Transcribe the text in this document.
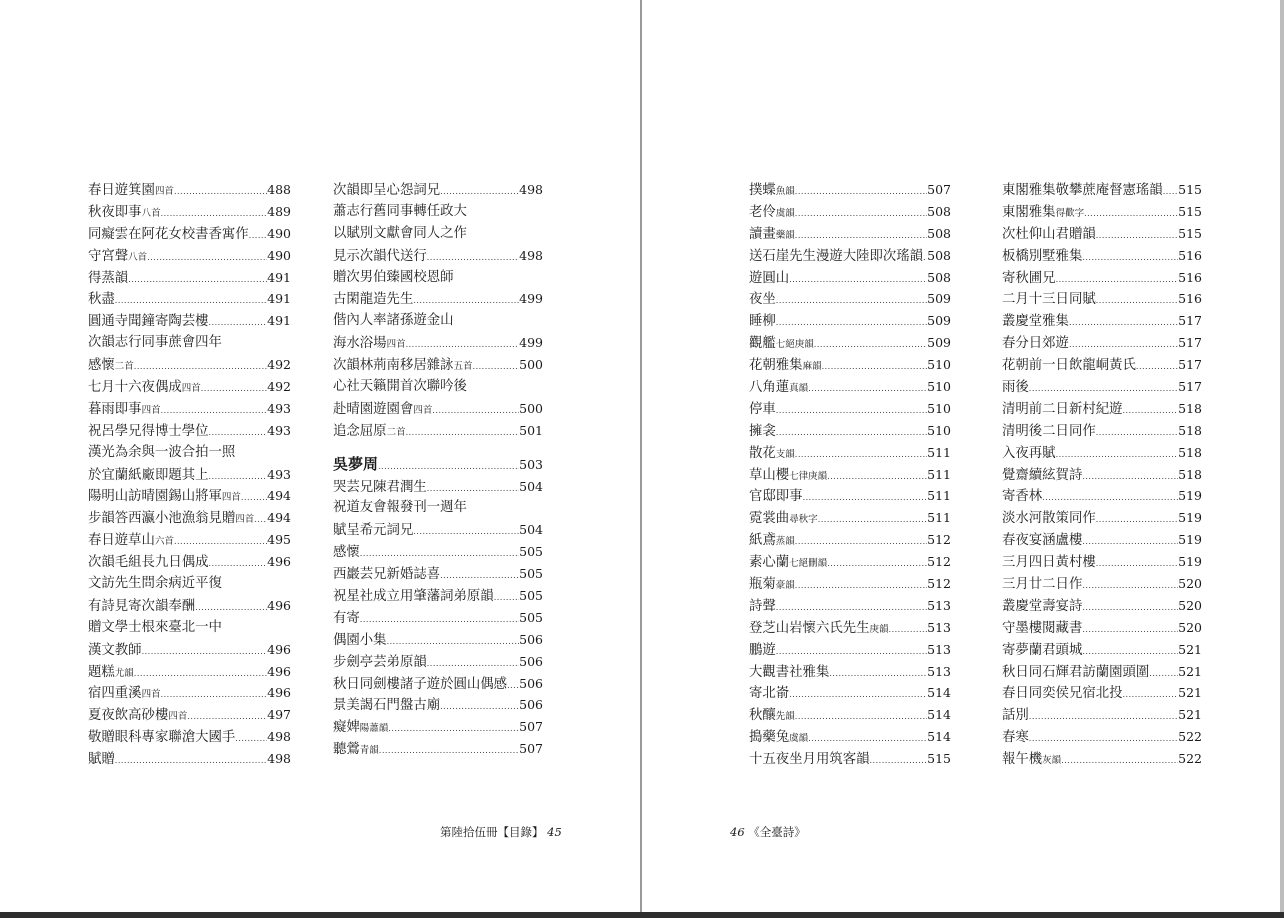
春日遊箕園 四首 .....	488
秋夜即事 八首 .....	489
同癡雲在阿花女校書香寓作 ..... 490
守宮聲 八首 .....	490
得蒸韻 .....	491
秋盡 .....	491
圓通寺聞鐘寄陶芸樓 .....	491
次韻志行同事蔗會四年
感懷 二首 .....	492
七月十六夜偶成 四首 .....	492
暮雨即事 四首 .....	493
祝呂學兄得博士學位 .....	493
漢光為余與一波合拍一照
於宜蘭紙廠即題其上 .....	493
陽明山訪晴園錫山將軍 四首 ..... 494
步韻答西瀛小池漁翁見贈 四首 ..... 494
春日遊草山 六首 .....	495
次韻毛組長九日偶成 .....	496
文訪先生問余病近平復
有詩見寄次韻奉酬 .....	496
贈文學士根來臺北一中
漢文教師 .....	496
題糕 尤韻 .....	496
宿四重溪 四首 .....	496
夏夜飲高砂樓 四首 .....	497
敬贈眼科專家聯滄大國手 .....	498
賦贈 .....	498
次韻即呈心怨詞兄 .....	498
蕭志行舊同事轉任政大
以賦別文獻會同人之作
見示次韻代送行 .....	498
贈次男伯臻國校恩師
古閑龍造先生 .....	499
偕內人率諸孫遊金山
海水浴場 四首 .....	499
次韻林荊南移居雜詠 五首 .....	500
心社天籟開首次聯吟後
赴晴園遊園會 四首 .....	500
追念屈原 二首 .....	501
吳夢周 .....	503
哭芸兄陳君潤生 .....	504
祝道友會報發刊一週年
賦呈希元詞兄 .....	504
感懷 .....	505
西巖芸兄新婚誌喜 .....	505
祝星社成立用肇藩詞弟原韻 ..... 505
有寄 .....	505
偶園小集 .....	506
步劍亭芸弟原韻 .....	506
秋日同劍樓諸子遊於圓山偶感 ..... 506
景美謁石門盤古廟 .....	506
癡婢 陽蕭韻 .....	507
聽鶯 青韻 .....	507
第陸拾伍冊【目錄】 45
撲蝶 魚韻 .....	507
老伶 虞韻 .....	508
讀畫 藥韻 .....	508
送石崖先生漫遊大陸即次瑤韻 ..... 508
遊圓山 .....	508
夜坐 .....	509
睡柳 .....	509
觀艦 七絕庚韻 .....	509
花朝雅集 麻韻 .....	510
八角蓮 真韻 .....	510
停車 .....	510
擁衾 .....	510
散花 支韻 .....	511
草山櫻 七律庚韻 .....	511
官邸即事 .....	511
霓裳曲 尋秋字 .....	511
紙鳶 蒸韻 .....	512
素心蘭 七絕刪韻 .....	512
瓶菊 豪韻 .....	512
詩聲 .....	513
登芝山岩懷六氏先生 庚韻 .....	513
鵬遊 .....	513
大觀書社雅集 .....	513
寄北嵛 .....	514
秋釀 先韻 .....	514
搗藥兔 虞韻 .....	514
十五夜坐月用筑客韻 .....	515
東閣雅集敬攀蔗庵督憲瑤韻 ..... 515
東閣雅集 得歡字 .....	515
次杜仰山君贈韻 .....	515
板橋別墅雅集 .....	516
寄秋圃兄 .....	516
二月十三日同賦 .....	516
叢慶堂雅集 .....	517
春分日郊遊 .....	517
花朝前一日飲龍峒黃氏 .....	517
雨後 .....	517
清明前二日新村紀遊 .....	518
清明後二日同作 .....	518
入夜再賦 .....	518
覺齋續絃賀詩 .....	518
寄香林 .....	519
淡水河散策同作 .....	519
春夜宴涵盧樓 .....	519
三月四日黃村樓 .....	519
三月廿二日作 .....	520
叢慶堂壽宴詩 .....	520
守墨樓閱藏書 .....	520
寄夢蘭君頭城 .....	521
秋日同石輝君訪蘭園頭圍 ..... 521
春日同奕侯兄宿北投 .....	521
話別 .....	521
春寒 .....	522
報午機 灰韻 .....	522
46 《全臺詩》
